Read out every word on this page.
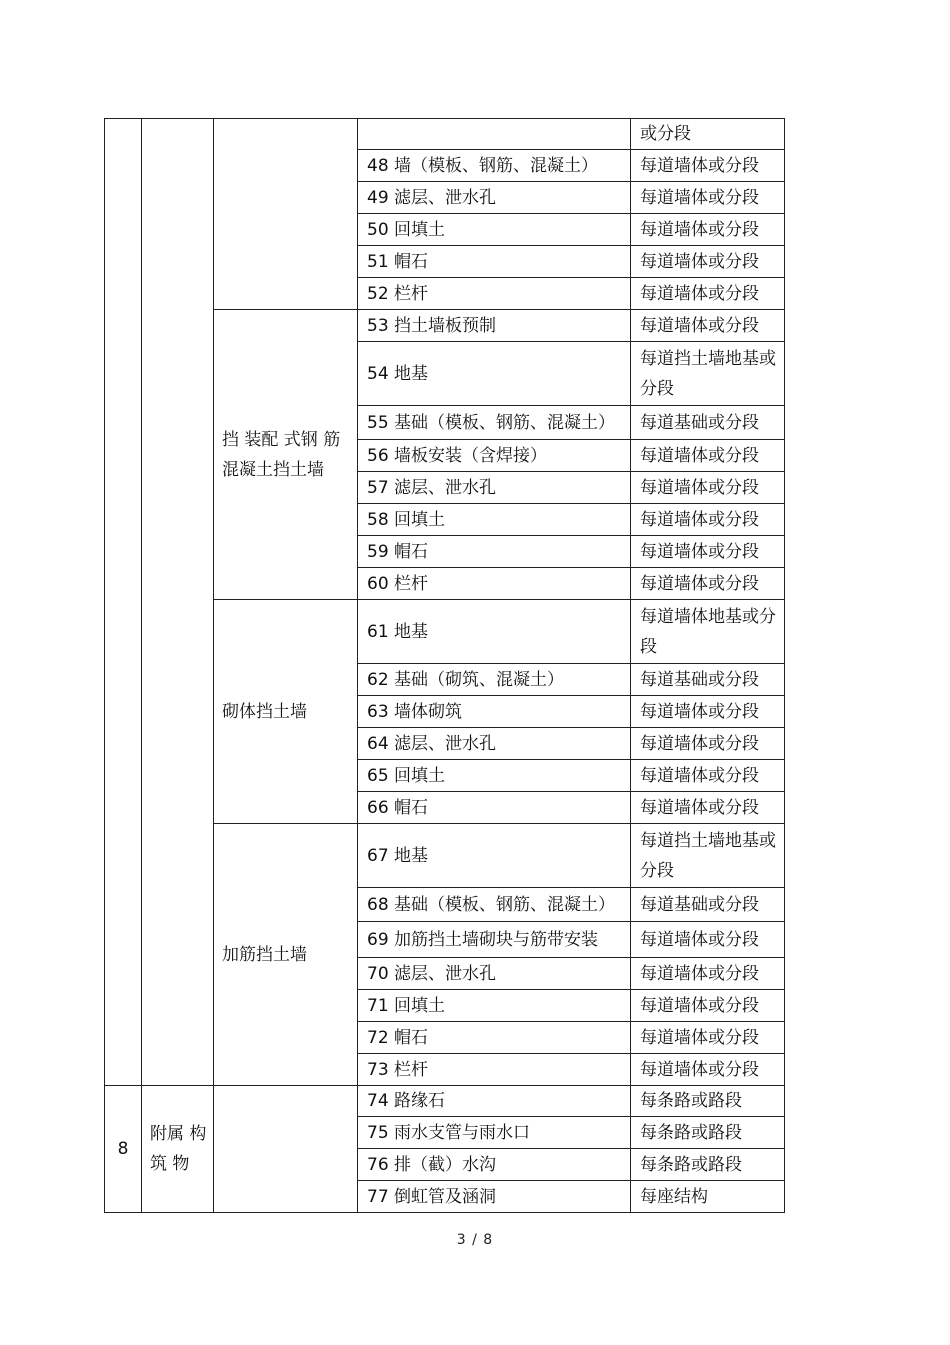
				或分段
			48 墙（模板、钢筋、混凝土）	每道墙体或分段
			49 滤层、泄水孔	每道墙体或分段
			50 回填土	每道墙体或分段
			51 帽石	每道墙体或分段
			52 栏杆	每道墙体或分段
		挡 装配 式钢 筋混凝土挡土墙	53 挡土墙板预制	每道墙体或分段
			54 地基	每道挡土墙地基或分段
			55 基础（模板、钢筋、混凝土）	每道基础或分段
			56 墙板安装（含焊接）	每道墙体或分段
			57 滤层、泄水孔	每道墙体或分段
			58 回填土	每道墙体或分段
			59 帽石	每道墙体或分段
			60 栏杆	每道墙体或分段
		砌体挡土墙	61 地基	每道墙体地基或分段
			62 基础（砌筑、混凝土）	每道基础或分段
			63 墙体砌筑	每道墙体或分段
			64 滤层、泄水孔	每道墙体或分段
			65 回填土	每道墙体或分段
			66 帽石	每道墙体或分段
		加筋挡土墙	67 地基	每道挡土墙地基或分段
			68 基础（模板、钢筋、混凝土）	每道基础或分段
			69 加筋挡土墙砌块与筋带安装	每道墙体或分段
			70 滤层、泄水孔	每道墙体或分段
			71 回填土	每道墙体或分段
			72 帽石	每道墙体或分段
			73 栏杆	每道墙体或分段
8	附属 构 筑 物		74 路缘石	每条路或路段
			75 雨水支管与雨水口	每条路或路段
			76 排（截）水沟	每条路或路段
			77 倒虹管及涵洞	每座结构
3 / 8
